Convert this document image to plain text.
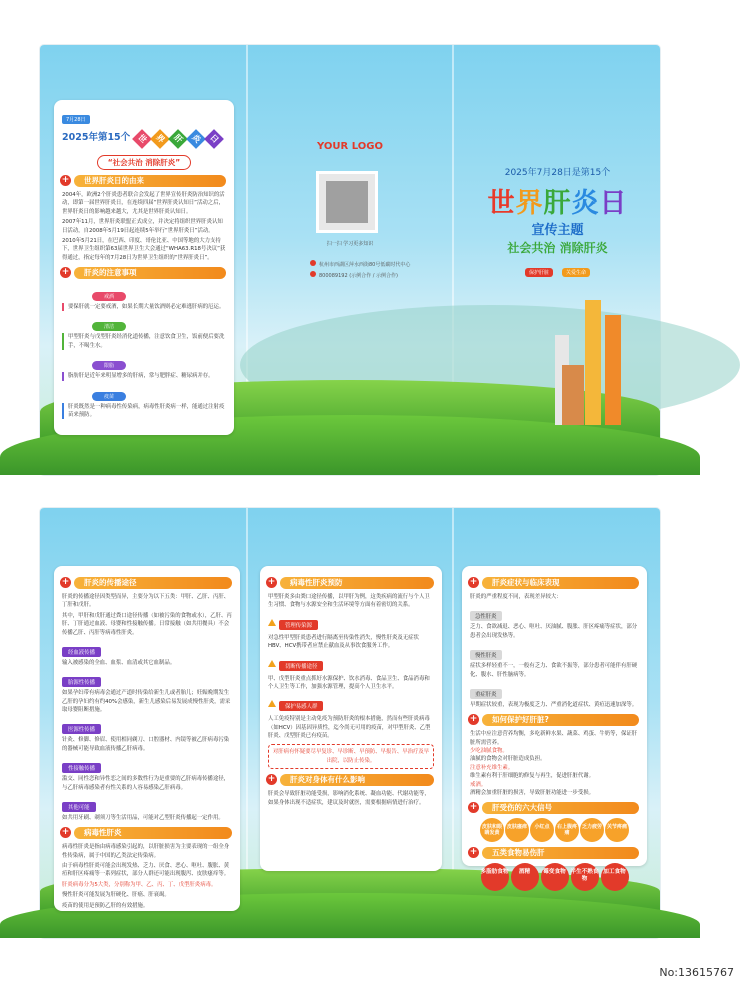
7月28日
2025年第15个 世 界 肝 炎 日
“社会共治 消除肝炎”
+	世界肝炎日的由来

2004年，欧洲2个肝炎患者联合会发起了世界宣传肝炎防治知识的活动，即第一届世界肝炎日，在连续四届“世界肝炎认知日”活动之后，世界肝炎日的影响越来越大，尤其是世界肝炎认知日。

2007年11月，世界肝炎联盟正式成立，并决定将组织世界肝炎认知日活动，自2008年5月19日起连续5年举行“世界肝炎日”活动。

2010年5月21日，在巴西、印度、哥伦比亚、中国等地的大力支持下，世界卫生组织第63届世界卫生大会通过“WHA63.R18号决议”获得通过，指定每年的7月28日为世界卫生组织的“世界肝炎日”。

+	肝炎的注意事项
戒酒

要保肝就一定要戒酒，如果长期大量饮酒则必定难逃肝病的厄运。

清洁

甲型肝炎与戊型肝炎经消化道传播，注意饮食卫生，饭前便后要洗手，不喝生水。

限脂

脂肪肝是近年来明显增多的肝病，常与肥胖症、糖尿病并存。

疫苗

肝炎既然是一种病毒性传染病，病毒性肝炎病一样，能通过注射疫苗来预防。

YOUR LOGO
扫一扫 学习更多知识
杭州市西湖区萍水西街80号低碳时代中心
800089192 (示例合作 / 示例合作)
2025年7月28日是第15个
世界肝炎日
宣传主题
社会共治 消除肝炎
保护肝脏	关爱生命
+	肝炎的传播途径

肝炎的传播途径因类型而异，主要分为以下五类：甲肝、乙肝、丙肝、丁肝和戊肝。

其中，甲肝和戊肝通过粪口途径传播（如被污染的食物或水），乙肝、丙肝、丁肝通过血液、母婴和性接触传播。日常接触（如共用餐具）不会传播乙肝、丙肝等病毒性肝炎。

经血液传播

输入被感染的全血、血浆、血清或其它血制品。

胎源性传播

如果孕妇带有病毒会通过产道时传染给新生儿或者胎儿；妊娠晚期发生乙肝的孕妇约有约40%会感染，新生儿感染后易发展成慢性肝炎，需采取母婴阻断措施。

医源性传播

针灸、修脚、修眉、使用相同剃刀、口腔器材、内镜等被乙肝病毒污染的器械可能导致血液传播乙肝病毒。

性接触传播

滥交、同性恋和异性恋之间的多数性行为是重要的乙肝病毒传播途径，与乙肝病毒感染者有性关系的人容易感染乙肝病毒。

其他可能

如共用牙刷、剃须刀等生活用品，可能对乙型肝炎传播起一定作用。

+	病毒性肝炎

病毒性肝炎是指由病毒感染引起的，以肝脏损害为主要表现的一组全身性传染病，属于中国的乙类法定传染病。

由于病毒性肝炎可能会出现发热、乏力、厌食、恶心、呕吐、腹胀、黄疸和肝区疼痛等一系列症状，部分人群还可能出现腹泻、皮肤瘙痒等。

肝炎病毒分为5大类，分别称为甲、乙、丙、丁、戊型肝炎病毒。

慢性肝炎可能发展为肝硬化、肝癌、肝衰竭。

疫苗的使用是预防乙肝的有效措施。

+	病毒性肝炎预防

甲型肝炎多由粪口途径传播，以甲肝为例，这类疾病的流行与个人卫生习惯、食物与水源安全和生活环境等方面有着密切的关系。

管理传染源

对急性甲型肝炎患者进行隔离至传染性消失，慢性肝炎及无症状HBV、HCV携带者应禁止献血及从事饮食服务工作。

切断传播途径

甲、戊型肝炎重点抓好水源保护、饮水消毒、食品卫生、食品消毒和个人卫生等工作，加强水源管理，提高个人卫生水平。

保护易感人群

人工免疫特别是主动免疫为预防肝炎的根本措施，然而有些肝炎病毒（如HCV）因基因异质性，迄今尚无可用的疫苗，对甲型肝炎、乙型肝炎、戊型肝炎已有疫苗。

对肝病有怀疑要尽早复诊、早诊断、早预防、早报告、早治疗及早出院，以防止传染。

+	肝炎对身体有什么影响

肝炎会导致肝脏功能受损，影响消化系统、凝血功能、代谢功能等，如果身体出现不适症状，建议及时就医，需要根据病情进行治疗。

+	肝炎症状与临床表现

肝炎的严重程度不同，表现差异较大：

急性肝炎

乏力、食欲减退、恶心、呕吐、厌油腻、腹胀、肝区疼痛等症状，部分患者会出现发热等。

慢性肝炎

症状多样轻重不一，一般有乏力、食欲不振等，部分患者可能伴有肝硬化、腹水、肝性脑病等。

重症肝炎

早期症状较重，表现为极度乏力、严重消化道症状、黄疸迅速加深等。

+	如何保护好肝脏?

生活中应注意营养均衡，多吃新鲜水果、蔬菜、鸡蛋、牛奶等，保证肝脏所需营养。

少吃油腻食物。

油腻的食物会对肝脏造成负担。

注意补充维生素。

维生素有利于肝细胞的修复与再生，促进肝脏代谢。

戒酒。

酒精会加重肝脏的损害，导致肝脏功能进一步受损。

+	肝受伤的六大信号
皮肤和眼睛发黄皮肤瘙痒 小红点 右上腹疼痛乏力疲劳 关节疼痛
+	五类食物易伤肝
多脂肪食物 酒精 霉变食物 半生不熟食物加工食物
No:13615767
